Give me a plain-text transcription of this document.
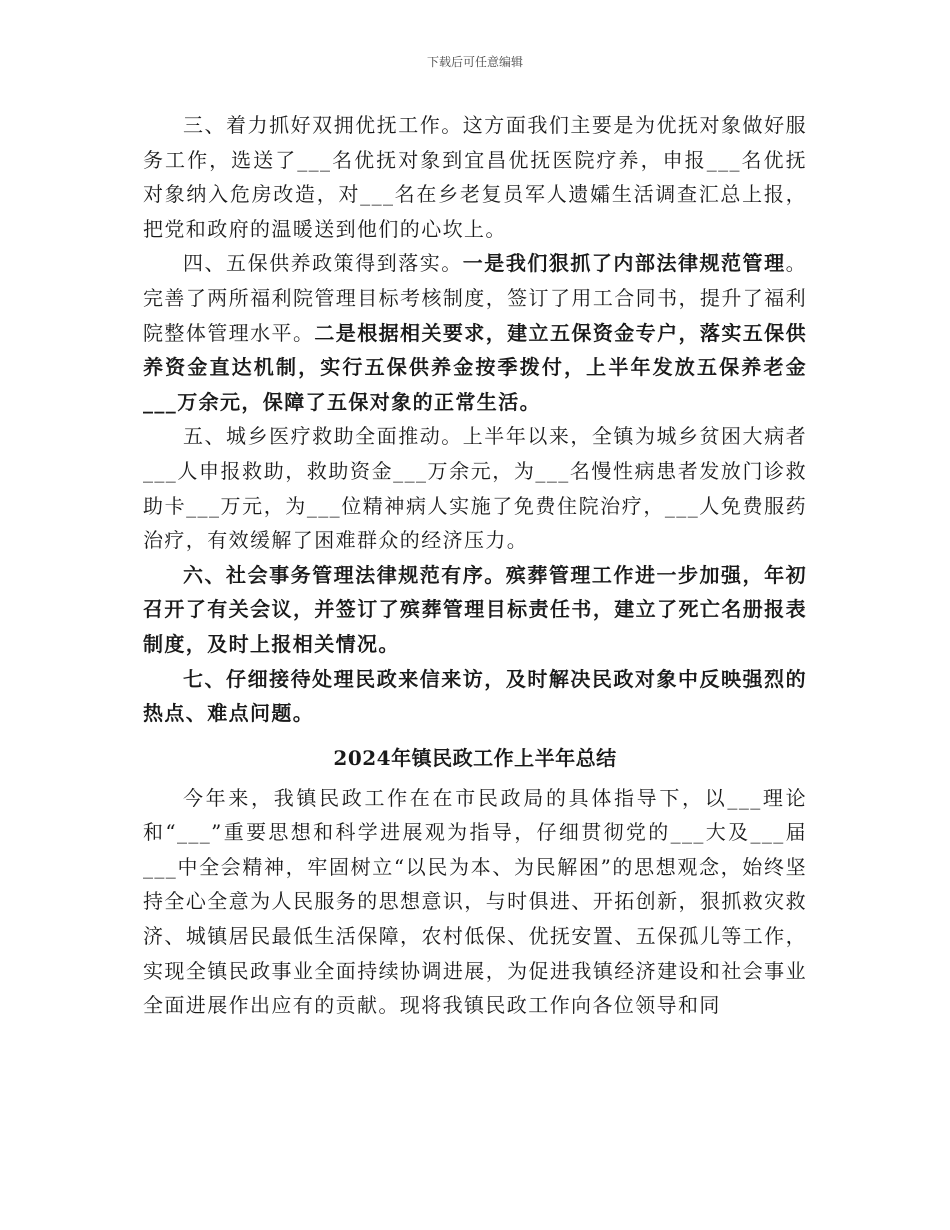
下载后可任意编辑

三、着力抓好双拥优抚工作。这方面我们主要是为优抚对象做好服务工作，选送了___名优抚对象到宜昌优抚医院疗养，申报___名优抚对象纳入危房改造，对___名在乡老复员军人遗孀生活调查汇总上报，把党和政府的温暖送到他们的心坎上。

四、五保供养政策得到落实。一是我们狠抓了内部法律规范管理。完善了两所福利院管理目标考核制度，签订了用工合同书，提升了福利院整体管理水平。二是根据相关要求，建立五保资金专户，落实五保供养资金直达机制，实行五保供养金按季拨付，上半年发放五保养老金___万余元，保障了五保对象的正常生活。

五、城乡医疗救助全面推动。上半年以来，全镇为城乡贫困大病者___人申报救助，救助资金___万余元，为___名慢性病患者发放门诊救助卡___万元，为___位精神病人实施了免费住院治疗，___人免费服药治疗，有效缓解了困难群众的经济压力。

六、社会事务管理法律规范有序。殡葬管理工作进一步加强，年初召开了有关会议，并签订了殡葬管理目标责任书，建立了死亡名册报表制度，及时上报相关情况。

七、仔细接待处理民政来信来访，及时解决民政对象中反映强烈的热点、难点问题。

2024年镇民政工作上半年总结

今年来，我镇民政工作在在市民政局的具体指导下，以___理论和“___”重要思想和科学进展观为指导，仔细贯彻党的___大及___届___中全会精神，牢固树立“以民为本、为民解困”的思想观念，始终坚持全心全意为人民服务的思想意识，与时俱进、开拓创新，狠抓救灾救济、城镇居民最低生活保障，农村低保、优抚安置、五保孤儿等工作，实现全镇民政事业全面持续协调进展，为促进我镇经济建设和社会事业全面进展作出应有的贡献。现将我镇民政工作向各位领导和同
